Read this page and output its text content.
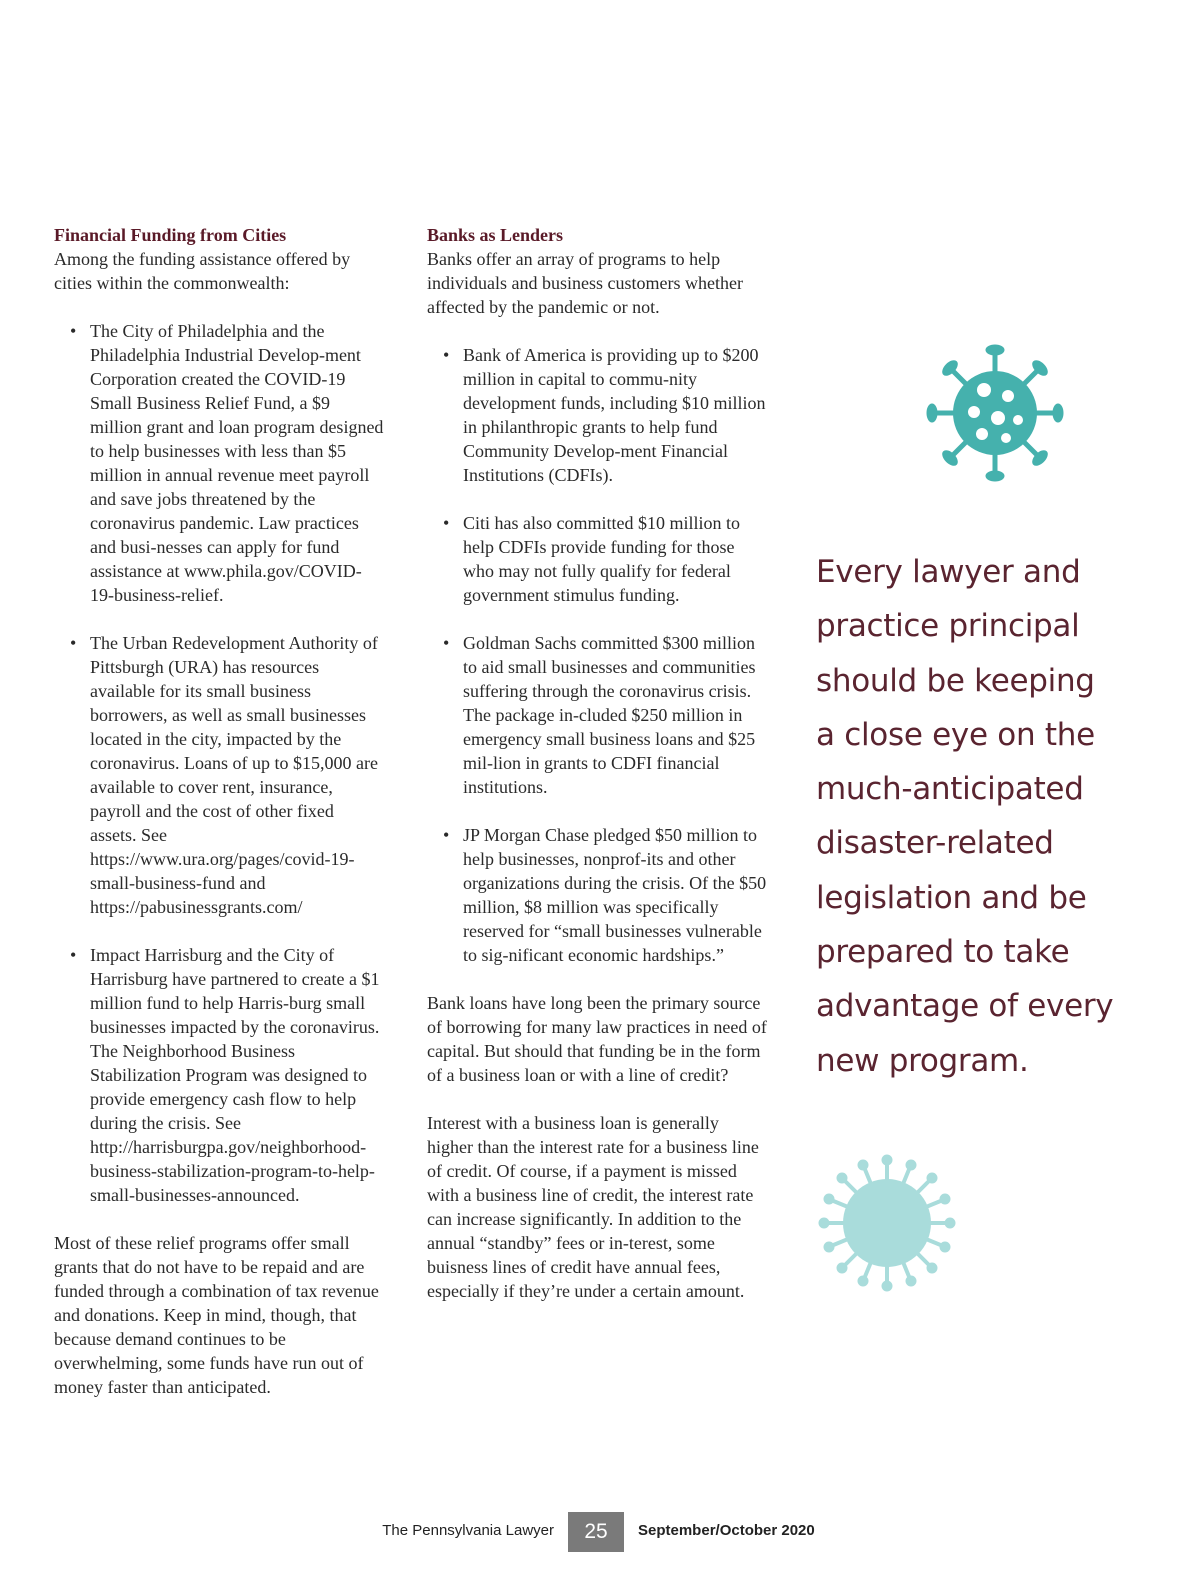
Financial Funding from Cities

Among the funding assistance offered by cities within the commonwealth:

• The City of Philadelphia and the Philadelphia Industrial Develop-ment Corporation created the COVID-19 Small Business Relief Fund, a $9 million grant and loan program designed to help businesses with less than $5 million in annual revenue meet payroll and save jobs threatened by the coronavirus pandemic. Law practices and busi-nesses can apply for fund assistance at www.phila.gov/COVID-19-business-relief.
• The Urban Redevelopment Authority of Pittsburgh (URA) has resources available for its small business borrowers, as well as small businesses located in the city, impacted by the coronavirus. Loans of up to $15,000 are available to cover rent, insurance, payroll and the cost of other fixed assets. See https://www.ura.org/pages/covid-19-small-business-fund and https://pabusinessgrants.com/
• Impact Harrisburg and the City of Harrisburg have partnered to create a $1 million fund to help Harris-burg small businesses impacted by the coronavirus. The Neighborhood Business Stabilization Program was designed to provide emergency cash flow to help during the crisis. See http://harrisburgpa.gov/neighborhood-business-stabilization-program-to-help-small-businesses-announced.

Most of these relief programs offer small grants that do not have to be repaid and are funded through a combination of tax revenue and donations. Keep in mind, though, that because demand continues to be overwhelming, some funds have run out of money faster than anticipated.

Banks as Lenders

Banks offer an array of programs to help individuals and business customers whether affected by the pandemic or not.

• Bank of America is providing up to $200 million in capital to commu-nity development funds, including $10 million in philanthropic grants to help fund Community Develop-ment Financial Institutions (CDFIs).
• Citi has also committed $10 million to help CDFIs provide funding for those who may not fully qualify for federal government stimulus funding.
• Goldman Sachs committed $300 million to aid small businesses and communities suffering through the coronavirus crisis. The package in-cluded $250 million in emergency small business loans and $25 mil-lion in grants to CDFI financial institutions.
• JP Morgan Chase pledged $50 million to help businesses, nonprof-its and other organizations during the crisis. Of the $50 million, $8 million was specifically reserved for “small businesses vulnerable to sig-nificant economic hardships.”

Bank loans have long been the primary source of borrowing for many law practices in need of capital. But should that funding be in the form of a business loan or with a line of credit?

Interest with a business loan is generally higher than the interest rate for a business line of credit. Of course, if a payment is missed with a business line of credit, the interest rate can increase significantly. In addition to the annual “standby” fees or in-terest, some buisness lines of credit have annual fees, especially if they’re under a certain amount.

Every lawyer and
practice principal
should be keeping
a close eye on the
much-anticipated
disaster-related
legislation and be
prepared to take
advantage of every
new program.
The Pennsylvania Lawyer	25	September/October 2020
